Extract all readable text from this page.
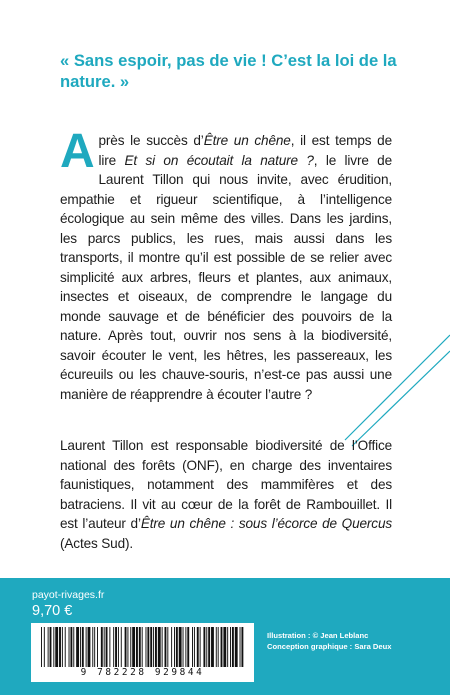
« Sans espoir, pas de vie ! C’est la loi de la nature. »

Après le succès d’Être un chêne, il est temps de lire Et si on écoutait la nature ?, le livre de Laurent Tillon qui nous invite, avec érudition, empathie et rigueur scientifique, à l’intelligence écologique au sein même des villes. Dans les jardins, les parcs publics, les rues, mais aussi dans les transports, il montre qu’il est possible de se relier avec simplicité aux arbres, fleurs et plantes, aux animaux, insectes et oiseaux, de comprendre le langage du monde sauvage et de bénéficier des pouvoirs de la nature. Après tout, ouvrir nos sens à la biodiversité, savoir écouter le vent, les hêtres, les passereaux, les écureuils ou les chauve-souris, n’est-ce pas aussi une manière de réapprendre à écouter l’autre ?

Laurent Tillon est responsable biodiversité de l’Office national des forêts (ONF), en charge des inventaires faunistiques, notamment des mammifères et des batraciens. Il vit au cœur de la forêt de Rambouillet. Il est l’auteur d’Être un chêne : sous l’écorce de Quercus (Actes Sud).

payot-rivages.fr
9,70 €
9 782228 929844
Illustration : © Jean Leblanc
Conception graphique : Sara Deux
